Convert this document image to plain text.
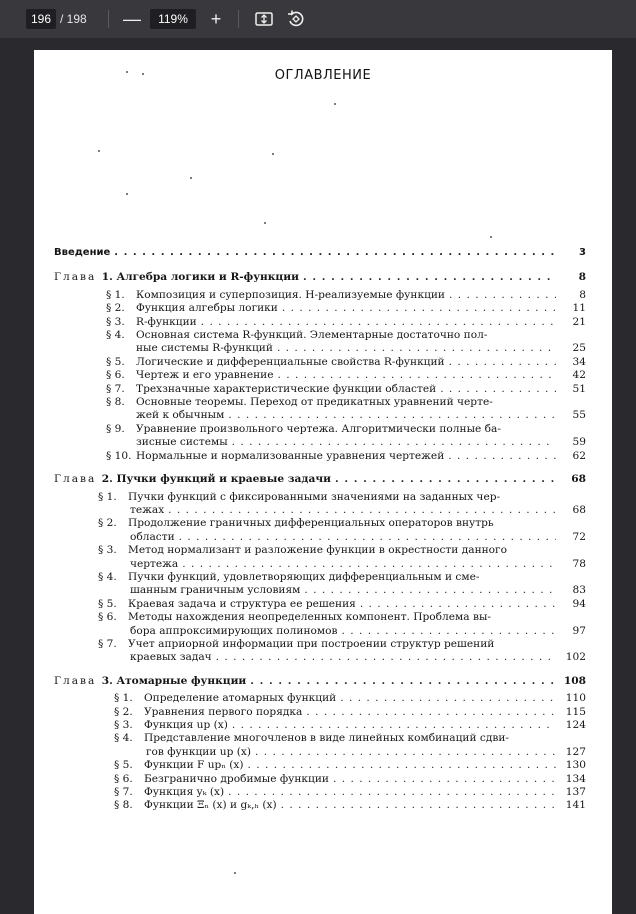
196 / 198 —	119%	+
ОГЛАВЛЕНИЕ
Введение . . .	3
Глава 1. Алгебра логики и R-функции . . .	8
§ 1. Композиция и суперпозиция. H-реализуемые функции . . .	8
§ 2. Функция алгебры логики . . .	11
§ 3. R-функции . . .	21
§ 4. Основная система R-функций. Элементарные достаточно пол-
ные системы R-функций . . .	25
§ 5. Логические и дифференциальные свойства R-функций . . .	34
§ 6. Чертеж и его уравнение . . .	42
§ 7. Трехзначные характеристические функции областей . . .	51
§ 8. Основные теоремы. Переход от предикатных уравнений черте-
жей к обычным . . .	55
§ 9. Уравнение произвольного чертежа. Алгоритмически полные ба-
зисные системы . . .	59
§ 10. Нормальные и нормализованные уравнения чертежей . . .	62
Глава 2. Пучки функций и краевые задачи . . .	68
§ 1. Пучки функций с фиксированными значениями на заданных чер-
тежах . . .	68
§ 2. Продолжение граничных дифференциальных операторов внутрь
области . . .	72
§ 3. Метод нормализант и разложение функции в окрестности данного
чертежа . . .	78
§ 4. Пучки функций, удовлетворяющих дифференциальным и сме-
шанным граничным условиям . . .	83
§ 5. Краевая задача и структура ее решения . . .	94
§ 6. Методы нахождения неопределенных компонент. Проблема вы-
бора аппроксимирующих полиномов . . .	97
§ 7. Учет априорной информации при построении структур решений
краевых задач . . .	102
Глава 3. Атомарные функции . . .	108
§ 1. Определение атомарных функций . . .	110
§ 2. Уравнения первого порядка . . .	115
§ 3. Функция up (x) . . .	124
§ 4. Представление многочленов в виде линейных комбинаций сдви-
гов функции up (x) . . .	127
§ 5. Функции F upₙ (x) . . .	130
§ 6. Безгранично дробимые функции . . .	134
§ 7. Функция yₖ (x) . . .	137
§ 8. Функции Ξₙ (x) и gₖ,ₕ (x) . . .	141
